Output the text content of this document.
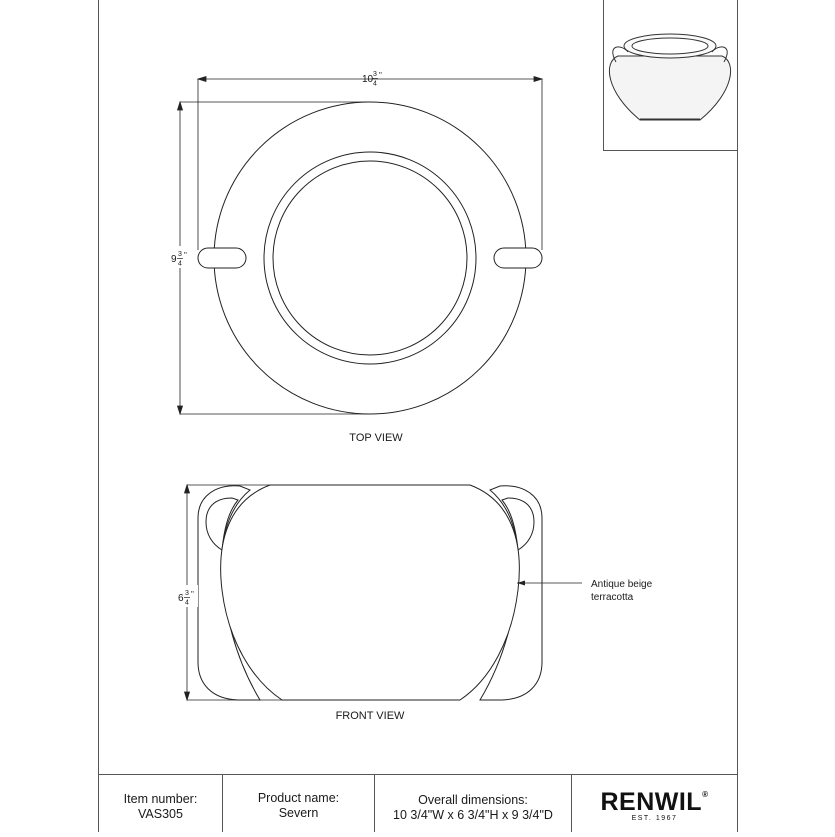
10 3
4
"
9 3
4
"
TOP VIEW
6 3
4
"
Antique beige
terracotta
FRONT VIEW
Item number:
VAS305
Product name:
Severn
Overall dimensions:
10 3/4"W x 6 3/4"H x 9 3/4"D	RENWIL®
EST. 1967
